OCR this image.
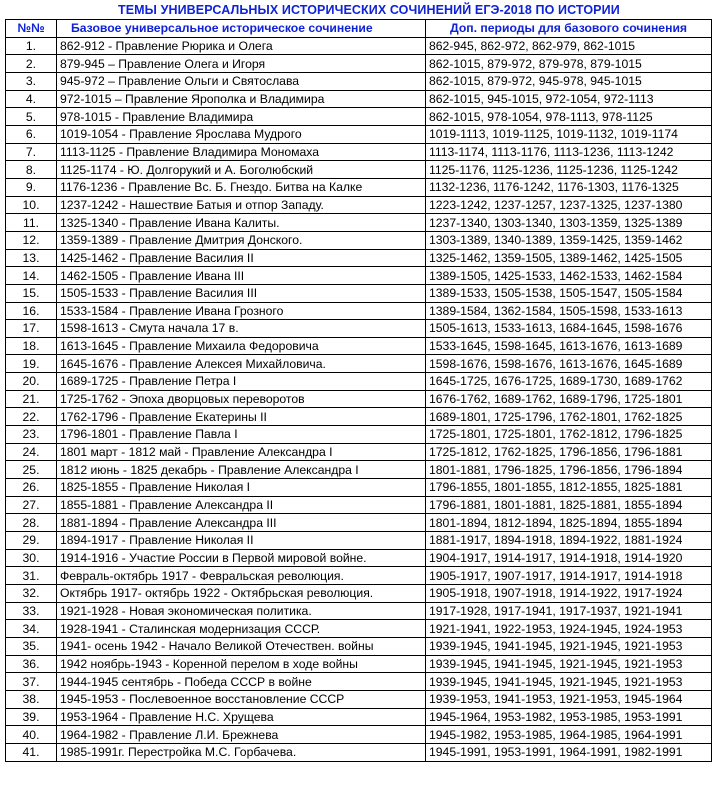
ТЕМЫ УНИВЕРСАЛЬНЫХ ИСТОРИЧЕСКИХ СОЧИНЕНИЙ ЕГЭ-2018 ПО ИСТОРИИ
№№	Базовое универсальное историческое сочинение	Доп. периоды для базового сочинения
1.	862-912 - Правление Рюрика и Олега	862-945, 862-972, 862-979, 862-1015
2.	879-945 – Правление Олега и Игоря	862-1015, 879-972, 879-978, 879-1015
3.	945-972 – Правление Ольги и Святослава	862-1015, 879-972, 945-978, 945-1015
4.	972-1015 – Правление Ярополка и Владимира	862-1015, 945-1015, 972-1054, 972-1113
5.	978-1015 - Правление Владимира	862-1015, 978-1054, 978-1113, 978-1125
6.	1019-1054 - Правление Ярослава Мудрого	1019-1113, 1019-1125, 1019-1132, 1019-1174
7.	1113-1125 - Правление Владимира Мономаха	1113-1174, 1113-1176, 1113-1236, 1113-1242
8.	1125-1174 - Ю. Долгорукий и А. Боголюбский	1125-1176, 1125-1236, 1125-1236, 1125-1242
9.	1176-1236 - Правление Вс. Б. Гнездо. Битва на Калке	1132-1236, 1176-1242, 1176-1303, 1176-1325
10.	1237-1242 - Нашествие Батыя и отпор Западу.	1223-1242, 1237-1257, 1237-1325, 1237-1380
11.	1325-1340 - Правление Ивана Калиты.	1237-1340, 1303-1340, 1303-1359, 1325-1389
12.	1359-1389 - Правление Дмитрия Донского.	1303-1389, 1340-1389, 1359-1425, 1359-1462
13.	1425-1462 - Правление Василия II	1325-1462, 1359-1505, 1389-1462, 1425-1505
14.	1462-1505 - Правление Ивана III	1389-1505, 1425-1533, 1462-1533, 1462-1584
15.	1505-1533 - Правление Василия III	1389-1533, 1505-1538, 1505-1547, 1505-1584
16.	1533-1584 - Правление Ивана Грозного	1389-1584, 1362-1584, 1505-1598, 1533-1613
17.	1598-1613 - Смута начала 17 в.	1505-1613, 1533-1613, 1684-1645, 1598-1676
18.	1613-1645 - Правление Михаила Федоровича	1533-1645, 1598-1645, 1613-1676, 1613-1689
19.	1645-1676 - Правление Алексея Михайловича.	1598-1676, 1598-1676, 1613-1676, 1645-1689
20.	1689-1725 - Правление Петра I	1645-1725, 1676-1725, 1689-1730, 1689-1762
21.	1725-1762 - Эпоха дворцовых переворотов	1676-1762, 1689-1762, 1689-1796, 1725-1801
22.	1762-1796 - Правление Екатерины II	1689-1801, 1725-1796, 1762-1801, 1762-1825
23.	1796-1801 - Правление Павла I	1725-1801, 1725-1801, 1762-1812, 1796-1825
24.	1801 март - 1812 май - Правление Александра I	1725-1812, 1762-1825, 1796-1856, 1796-1881
25.	1812 июнь - 1825 декабрь - Правление Александра I	1801-1881, 1796-1825, 1796-1856, 1796-1894
26.	1825-1855 - Правление Николая I	1796-1855, 1801-1855, 1812-1855, 1825-1881
27.	1855-1881 - Правление Александра II	1796-1881, 1801-1881, 1825-1881, 1855-1894
28.	1881-1894 - Правление Александра III	1801-1894, 1812-1894, 1825-1894, 1855-1894
29.	1894-1917 - Правление Николая II	1881-1917, 1894-1918, 1894-1922, 1881-1924
30.	1914-1916 - Участие России в Первой мировой войне.	1904-1917, 1914-1917, 1914-1918, 1914-1920
31.	Февраль-октябрь 1917 - Февральская революция.	1905-1917, 1907-1917, 1914-1917, 1914-1918
32.	Октябрь 1917- октябрь 1922 - Октябрьская революция.	1905-1918, 1907-1918, 1914-1922, 1917-1924
33.	1921-1928 - Новая экономическая политика.	1917-1928, 1917-1941, 1917-1937, 1921-1941
34.	1928-1941 - Сталинская модернизация СССР.	1921-1941, 1922-1953, 1924-1945, 1924-1953
35.	1941- осень 1942 - Начало Великой Отечествен. войны	1939-1945, 1941-1945, 1921-1945, 1921-1953
36.	1942 ноябрь-1943 - Коренной перелом в ходе войны	1939-1945, 1941-1945, 1921-1945, 1921-1953
37.	1944-1945 сентябрь - Победа СССР в войне	1939-1945, 1941-1945, 1921-1945, 1921-1953
38.	1945-1953 - Послевоенное восстановление СССР	1939-1953, 1941-1953, 1921-1953, 1945-1964
39.	1953-1964 - Правление Н.С. Хрущева	1945-1964, 1953-1982, 1953-1985, 1953-1991
40.	1964-1982 - Правление Л.И. Брежнева	1945-1982, 1953-1985, 1964-1985, 1964-1991
41.	1985-1991г. Перестройка М.С. Горбачева.	1945-1991, 1953-1991, 1964-1991, 1982-1991
